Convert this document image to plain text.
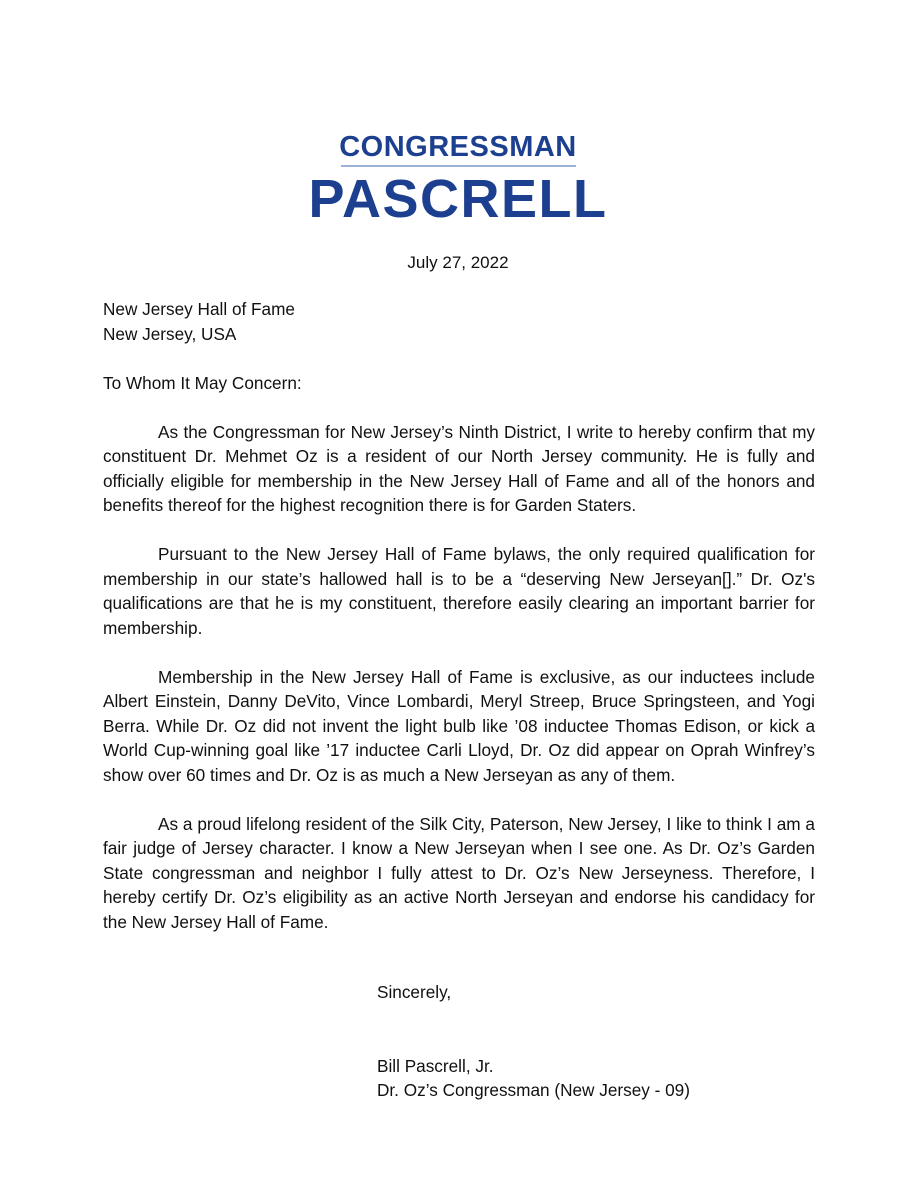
CONGRESSMAN
PASCRELL
July 27, 2022

New Jersey Hall of Fame
New Jersey, USA

To Whom It May Concern:

As the Congressman for New Jersey’s Ninth District, I write to hereby confirm that my constituent Dr. Mehmet Oz is a resident of our North Jersey community. He is fully and officially eligible for membership in the New Jersey Hall of Fame and all of the honors and benefits thereof for the highest recognition there is for Garden Staters.

Pursuant to the New Jersey Hall of Fame bylaws, the only required qualification for membership in our state’s hallowed hall is to be a “deserving New Jerseyan[].” Dr. Oz's qualifications are that he is my constituent, therefore easily clearing an important barrier for membership.

Membership in the New Jersey Hall of Fame is exclusive, as our inductees include Albert Einstein, Danny DeVito, Vince Lombardi, Meryl Streep, Bruce Springsteen, and Yogi Berra. While Dr. Oz did not invent the light bulb like ’08 inductee Thomas Edison, or kick a World Cup-winning goal like ’17 inductee Carli Lloyd, Dr. Oz did appear on Oprah Winfrey’s show over 60 times and Dr. Oz is as much a New Jerseyan as any of them.

As a proud lifelong resident of the Silk City, Paterson, New Jersey, I like to think I am a fair judge of Jersey character. I know a New Jerseyan when I see one. As Dr. Oz’s Garden State congressman and neighbor I fully attest to Dr. Oz’s New Jerseyness. Therefore, I hereby certify Dr. Oz’s eligibility as an active North Jerseyan and endorse his candidacy for the New Jersey Hall of Fame.

Sincerely,

Bill Pascrell, Jr.

Dr. Oz’s Congressman (New Jersey - 09)
